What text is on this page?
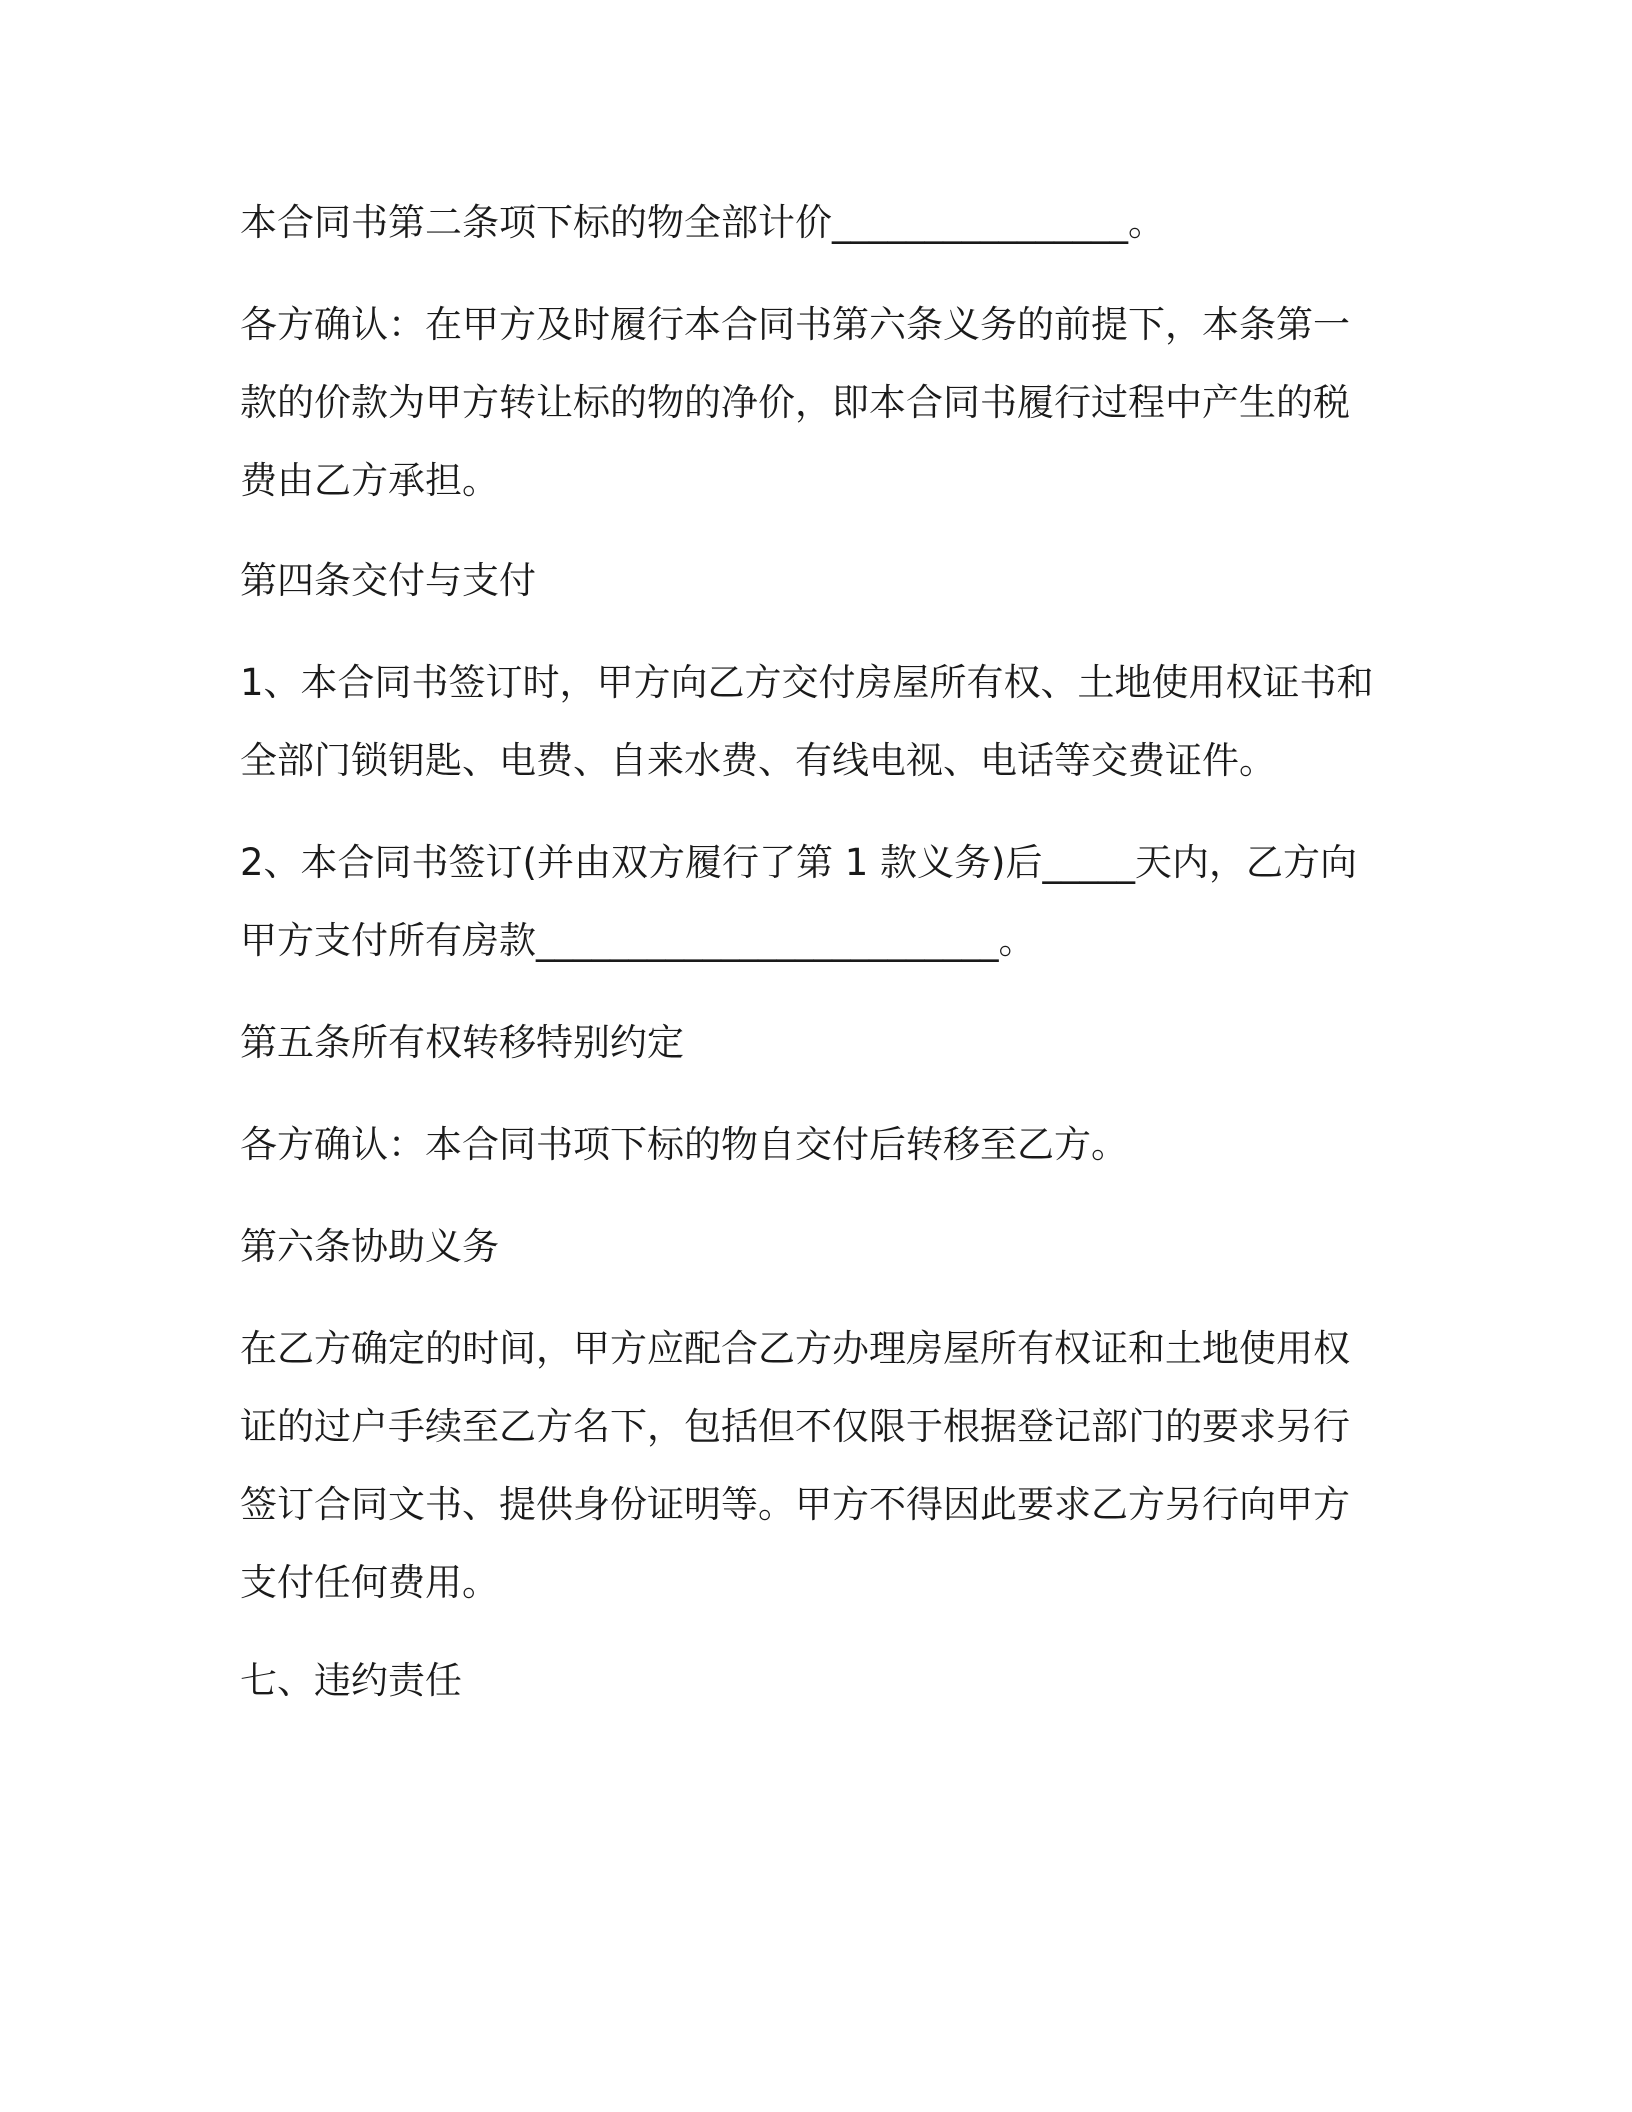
本合同书第二条项下标的物全部计价________________。

各方确认：在甲方及时履行本合同书第六条义务的前提下，本条第一
款的价款为甲方转让标的物的净价，即本合同书履行过程中产生的税
费由乙方承担。

第四条交付与支付

1、本合同书签订时，甲方向乙方交付房屋所有权、土地使用权证书和
全部门锁钥匙、电费、自来水费、有线电视、电话等交费证件。

2、本合同书签订(并由双方履行了第 1 款义务)后_____天内，乙方向
甲方支付所有房款_________________________。

第五条所有权转移特别约定

各方确认：本合同书项下标的物自交付后转移至乙方。

第六条协助义务

在乙方确定的时间，甲方应配合乙方办理房屋所有权证和土地使用权
证的过户手续至乙方名下，包括但不仅限于根据登记部门的要求另行
签订合同文书、提供身份证明等。甲方不得因此要求乙方另行向甲方
支付任何费用。

七、违约责任
